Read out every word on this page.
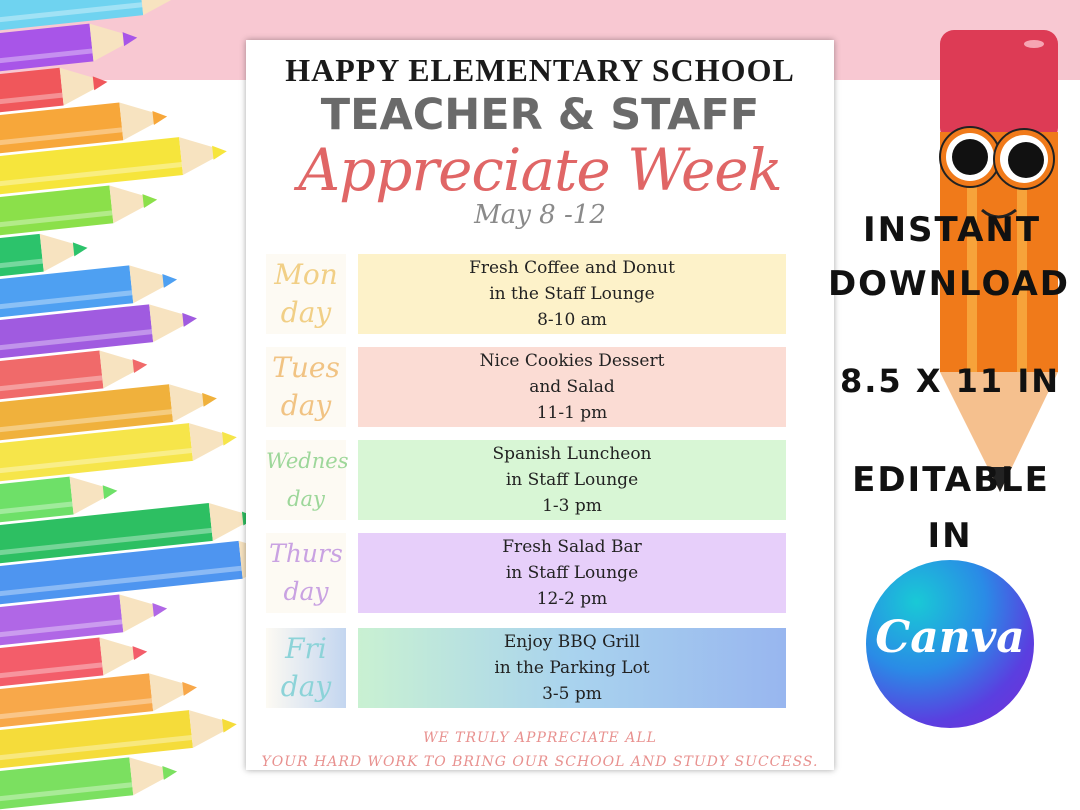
HAPPY ELEMENTARY SCHOOL
TEACHER & STAFF
Appreciate Week
May 8 -12
Mon
day
Fresh Coffee and Donut
in the Staff Lounge
8-10 am
Tues
day
Nice Cookies Dessert
and Salad
11-1 pm
Wednes
day
Spanish Luncheon
in Staff Lounge
1-3 pm
Thurs
day
Fresh Salad Bar
in Staff Lounge
12-2 pm
Fri
day
Enjoy BBQ Grill
in the Parking Lot
3-5 pm
WE TRULY APPRECIATE ALL
YOUR HARD WORK TO BRING OUR SCHOOL AND STUDY SUCCESS.
INSTANT
DOWNLOAD
8.5 X 11 IN
EDITABLE
IN
Canva
